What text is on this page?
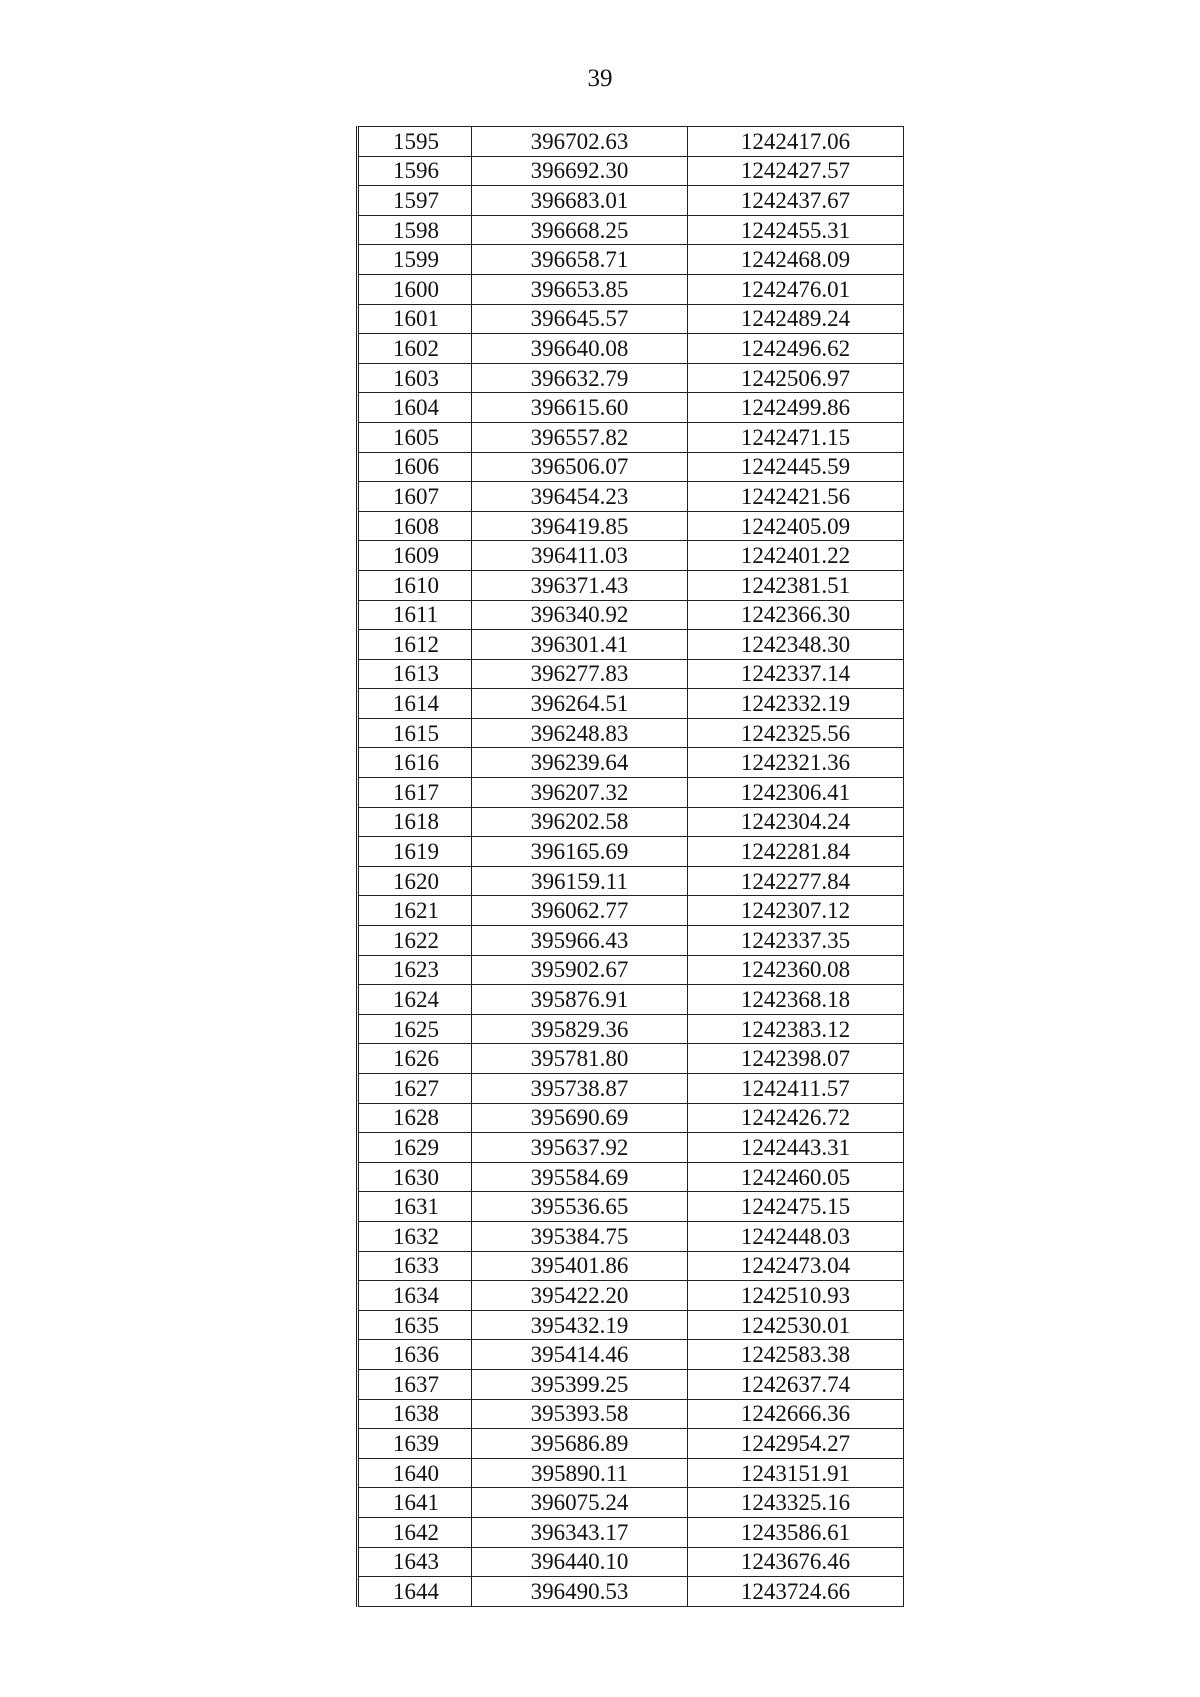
39
1595	396702.63	1242417.06
1596	396692.30	1242427.57
1597	396683.01	1242437.67
1598	396668.25	1242455.31
1599	396658.71	1242468.09
1600	396653.85	1242476.01
1601	396645.57	1242489.24
1602	396640.08	1242496.62
1603	396632.79	1242506.97
1604	396615.60	1242499.86
1605	396557.82	1242471.15
1606	396506.07	1242445.59
1607	396454.23	1242421.56
1608	396419.85	1242405.09
1609	396411.03	1242401.22
1610	396371.43	1242381.51
1611	396340.92	1242366.30
1612	396301.41	1242348.30
1613	396277.83	1242337.14
1614	396264.51	1242332.19
1615	396248.83	1242325.56
1616	396239.64	1242321.36
1617	396207.32	1242306.41
1618	396202.58	1242304.24
1619	396165.69	1242281.84
1620	396159.11	1242277.84
1621	396062.77	1242307.12
1622	395966.43	1242337.35
1623	395902.67	1242360.08
1624	395876.91	1242368.18
1625	395829.36	1242383.12
1626	395781.80	1242398.07
1627	395738.87	1242411.57
1628	395690.69	1242426.72
1629	395637.92	1242443.31
1630	395584.69	1242460.05
1631	395536.65	1242475.15
1632	395384.75	1242448.03
1633	395401.86	1242473.04
1634	395422.20	1242510.93
1635	395432.19	1242530.01
1636	395414.46	1242583.38
1637	395399.25	1242637.74
1638	395393.58	1242666.36
1639	395686.89	1242954.27
1640	395890.11	1243151.91
1641	396075.24	1243325.16
1642	396343.17	1243586.61
1643	396440.10	1243676.46
1644	396490.53	1243724.66
